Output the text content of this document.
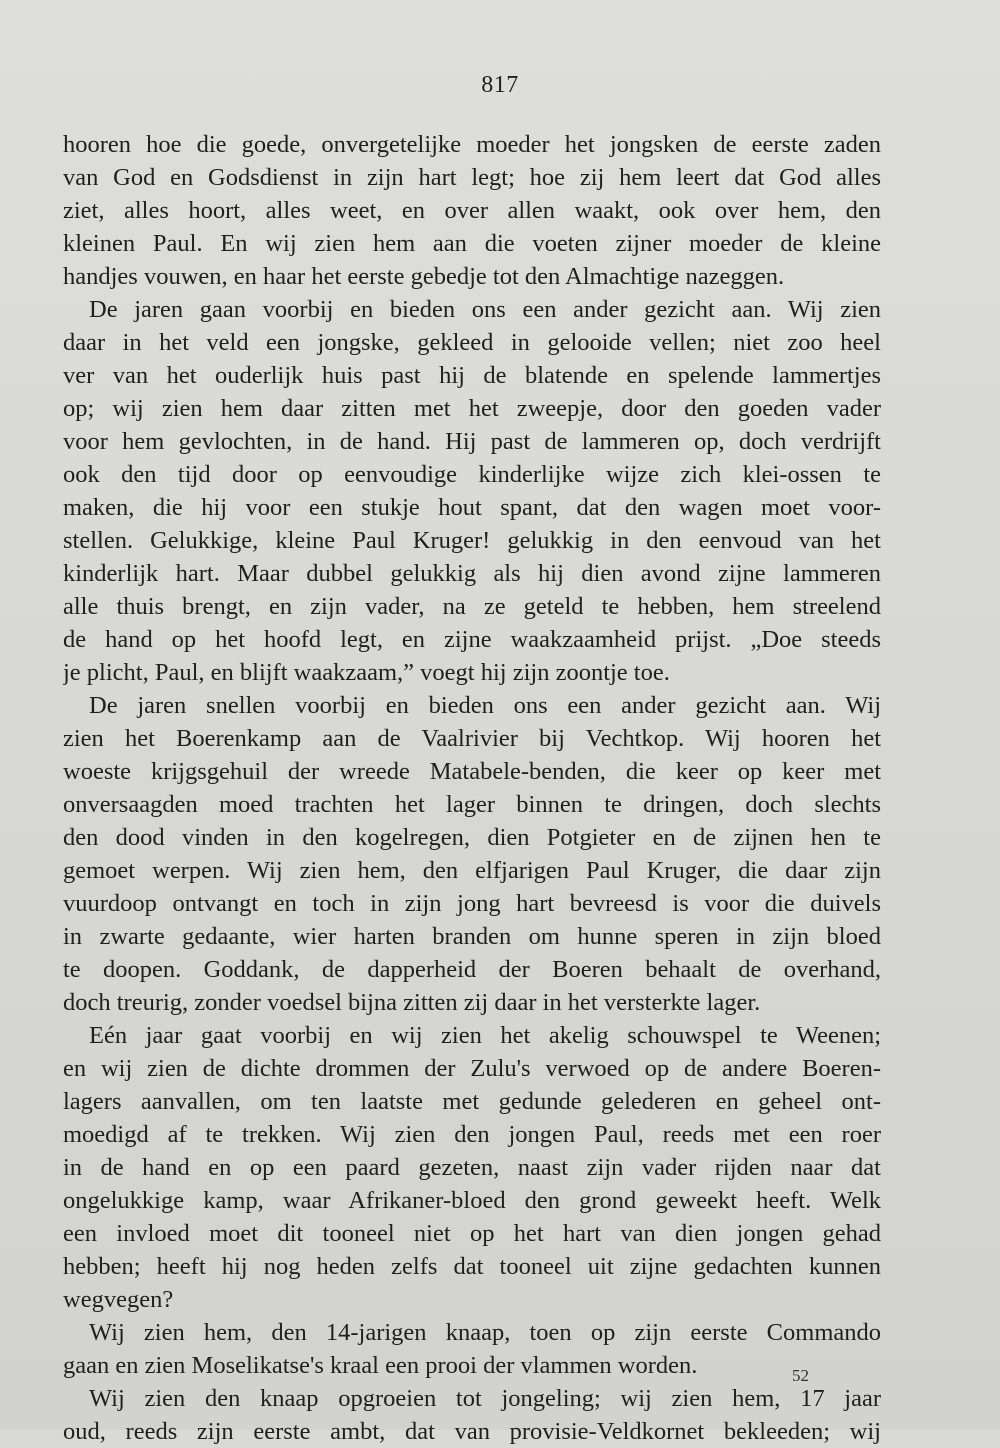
817
hooren hoe die goede, onvergetelijke moeder het jongsken de eerste zaden
van God en Godsdienst in zijn hart legt; hoe zij hem leert dat God alles
ziet, alles hoort, alles weet, en over allen waakt, ook over hem, den
kleinen Paul. En wij zien hem aan die voeten zijner moeder de kleine
handjes vouwen, en haar het eerste gebedje tot den Almachtige nazeggen.
De jaren gaan voorbij en bieden ons een ander gezicht aan. Wij zien
daar in het veld een jongske, gekleed in gelooide vellen; niet zoo heel
ver van het ouderlijk huis past hij de blatende en spelende lammertjes
op; wij zien hem daar zitten met het zweepje, door den goeden vader
voor hem gevlochten, in de hand. Hij past de lammeren op, doch verdrijft
ook den tijd door op eenvoudige kinderlijke wijze zich klei-ossen te
maken, die hij voor een stukje hout spant, dat den wagen moet voor-
stellen. Gelukkige, kleine Paul Kruger! gelukkig in den eenvoud van het
kinderlijk hart. Maar dubbel gelukkig als hij dien avond zijne lammeren
alle thuis brengt, en zijn vader, na ze geteld te hebben, hem streelend
de hand op het hoofd legt, en zijne waakzaamheid prijst. „Doe steeds
je plicht, Paul, en blijft waakzaam,” voegt hij zijn zoontje toe.
De jaren snellen voorbij en bieden ons een ander gezicht aan. Wij
zien het Boerenkamp aan de Vaalrivier bij Vechtkop. Wij hooren het
woeste krijgsgehuil der wreede Matabele-benden, die keer op keer met
onversaagden moed trachten het lager binnen te dringen, doch slechts
den dood vinden in den kogelregen, dien Potgieter en de zijnen hen te
gemoet werpen. Wij zien hem, den elfjarigen Paul Kruger, die daar zijn
vuurdoop ontvangt en toch in zijn jong hart bevreesd is voor die duivels
in zwarte gedaante, wier harten branden om hunne speren in zijn bloed
te doopen. Goddank, de dapperheid der Boeren behaalt de overhand,
doch treurig, zonder voedsel bijna zitten zij daar in het versterkte lager.
Eén jaar gaat voorbij en wij zien het akelig schouwspel te Weenen;
en wij zien de dichte drommen der Zulu's verwoed op de andere Boeren-
lagers aanvallen, om ten laatste met gedunde gelederen en geheel ont-
moedigd af te trekken. Wij zien den jongen Paul, reeds met een roer
in de hand en op een paard gezeten, naast zijn vader rijden naar dat
ongelukkige kamp, waar Afrikaner-bloed den grond geweekt heeft. Welk
een invloed moet dit tooneel niet op het hart van dien jongen gehad
hebben; heeft hij nog heden zelfs dat tooneel uit zijne gedachten kunnen
wegvegen?
Wij zien hem, den 14-jarigen knaap, toen op zijn eerste Commando
gaan en zien Moselikatse's kraal een prooi der vlammen worden.
Wij zien den knaap opgroeien tot jongeling; wij zien hem, 17 jaar
oud, reeds zijn eerste ambt, dat van provisie-Veldkornet bekleeden; wij
52
